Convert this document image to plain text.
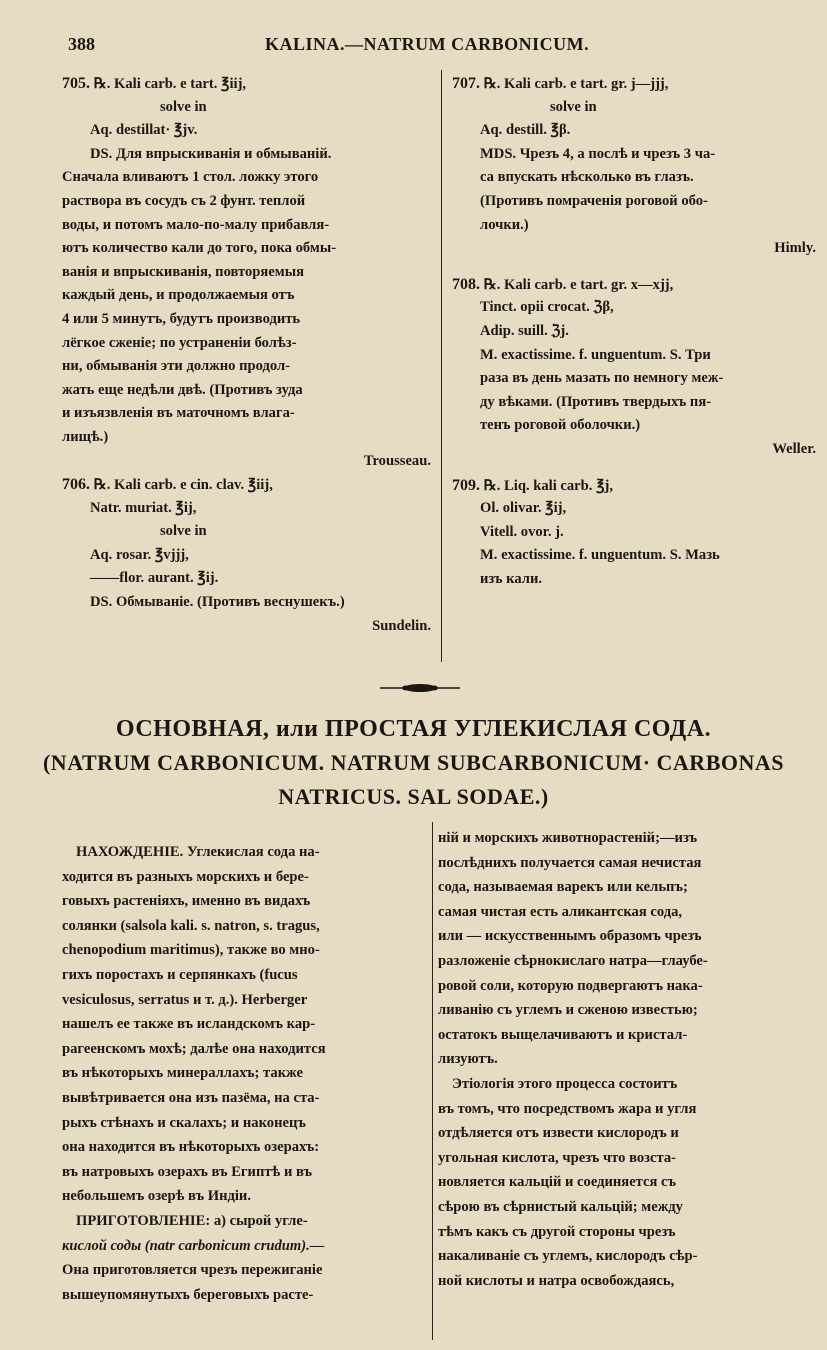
388	KALINA.—NATRUM CARBONICUM.
705. ℞. Kali carb. e tart. ℥iij,
solve in
Aq. destillat· ℥jv.
DS. Для впрыскиванія и обмываній.
Сначала вливаютъ 1 стол. ложку этого
раствора въ сосудъ съ 2 фунт. теплой
воды, и потомъ мало-по-малу прибавля-
ютъ количество кали до того, пока обмы-
ванія и впрыскиванія, повторяемыя
каждый день, и продолжаемыя отъ
4 или 5 минутъ, будутъ производить
лёгкое сженіе; по устраненіи болѣз-
ни, обмыванія эти должно продол-
жать еще недѣли двѣ. (Противъ зуда
и изъязвленія въ маточномъ влага-
лищѣ.)
Trousseau.
706. ℞. Kali carb. e cin. clav. ℥iij,
Natr. muriat. ℥ij,
solve in
Aq. rosar. ℥vjjj,
——flor. aurant. ℥ij.
DS. Обмываніе. (Противъ веснушекъ.)
Sundelin.
707. ℞. Kali carb. e tart. gr. j—jjj,
solve in
Aq. destill. ℥β.
MDS. Чрезъ 4, а послѣ и чрезъ 3 ча-
са впускать нѣсколько въ глазъ.
(Противъ помраченія роговой обо-
лочки.)
Himly.
708. ℞. Kali carb. e tart. gr. x—xjj,
Tinct. opii crocat. ℨβ,
Adip. suill. ℨj.
M. exactissime. f. unguentum. S. Три
раза въ день мазать по немногу меж-
ду вѣками. (Противъ твердыхъ пя-
тенъ роговой оболочки.)
Weller.
709. ℞. Liq. kali carb. ℥j,
Ol. olivar. ℥ij,
Vitell. ovor. j.
M. exactissime. f. unguentum. S. Мазь
изъ кали.
ОСНОВНАЯ, или ПРОСТАЯ УГЛЕКИСЛАЯ СОДА.
(NATRUM CARBONICUM. NATRUM SUBCARBONICUM· CARBONAS
NATRICUS. SAL SODAE.)
НАХОЖДЕНІЕ. Углекислая сода на-
ходится въ разныхъ морскихъ и бере-
говыхъ растеніяхъ, именно въ видахъ
солянки (salsola kali. s. natron, s. tragus,
chenopodium maritimus), также во мно-
гихъ поростахъ и серпянкахъ (fucus
vesiculosus, serratus и т. д.). Herberger
нашелъ ее также въ исландскомъ кар-
рагеенскомъ мохѣ; далѣе она находится
въ нѣкоторыхъ минераллахъ; также
вывѣтривается она изъ пазёма, на ста-
рыхъ стѣнахъ и скалахъ; и наконецъ
она находится въ нѣкоторыхъ озерахъ:
въ натровыхъ озерахъ въ Египтѣ и въ
небольшемъ озерѣ въ Индіи.
ПРИГОТОВЛЕНІЕ: а) сырой угле-
кислой соды (natr carbonicum crudum).—
Она приготовляется чрезъ пережиганіе
вышеупомянутыхъ береговыхъ расте-
ній и морскихъ животнорастеній;—изъ
послѣднихъ получается самая нечистая
сода, называемая варекъ или кельпъ;
самая чистая есть аликантская сода,
или — искусственнымъ образомъ чрезъ
разложеніе сѣрнокислаго натра—глаубе-
ровой соли, которую подвергаютъ нака-
ливанію съ углемъ и сженою известью;
остатокъ выщелачиваютъ и кристал-
лизуютъ.
Этіологія этого процесса состоитъ
въ томъ, что посредствомъ жара и угля
отдѣляется отъ извести кислородъ и
угольная кислота, чрезъ что возста-
новляется кальцій и соединяется съ
сѣрою въ сѣрнистый кальцій; между
тѣмъ какъ съ другой стороны чрезъ
накаливаніе съ углемъ, кислородъ сѣр-
ной кислоты и натра освобождаясь,
